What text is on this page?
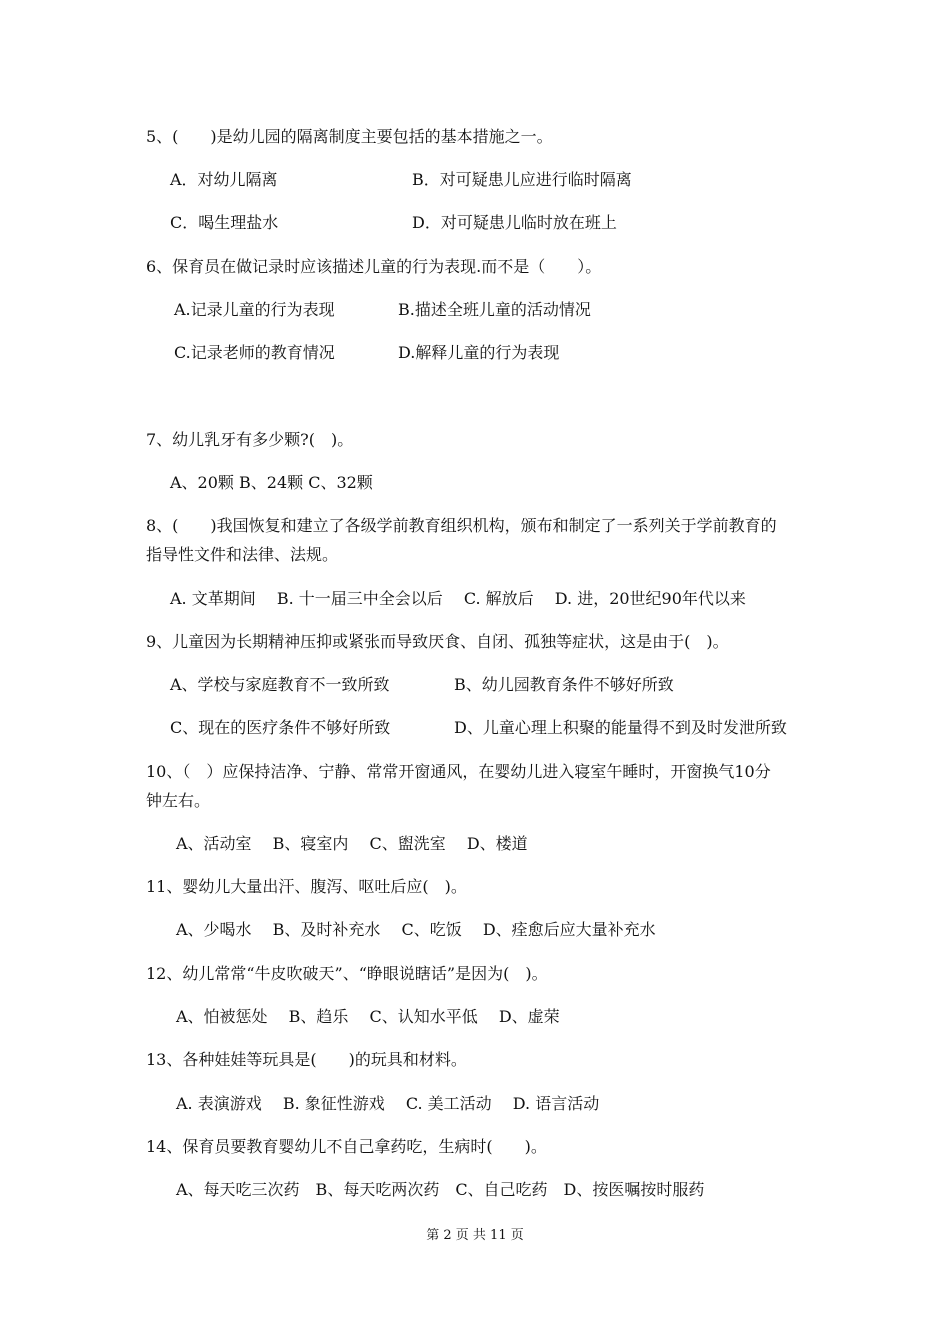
5、(　　)是幼儿园的隔离制度主要包括的基本措施之一。
A．对幼儿隔离	B．对可疑患儿应进行临时隔离
C．喝生理盐水	D．对可疑患儿临时放在班上
6、保育员在做记录时应该描述儿童的行为表现.而不是（　　）。
A.记录儿童的行为表现	B.描述全班儿童的活动情况
C.记录老师的教育情况	D.解释儿童的行为表现
7、幼儿乳牙有多少颗?(　)。
A、20颗 B、24颗 C、32颗
8、(　　)我国恢复和建立了各级学前教育组织机构，颁布和制定了一系列关于学前教育的
指导性文件和法律、法规。
A. 文革期间　 B. 十一届三中全会以后　 C. 解放后　 D. 进，20世纪90年代以来
9、儿童因为长期精神压抑或紧张而导致厌食、自闭、孤独等症状，这是由于(　)。
A、学校与家庭教育不一致所致	B、幼儿园教育条件不够好所致
C、现在的医疗条件不够好所致	D、儿童心理上积聚的能量得不到及时发泄所致
10、（　）应保持洁净、宁静、常常开窗通风，在婴幼儿进入寝室午睡时，开窗换气10分
钟左右。
A、活动室　 B、寝室内　 C、盥洗室　 D、楼道
11、婴幼儿大量出汗、腹泻、呕吐后应(　)。
A、少喝水　 B、及时补充水　 C、吃饭　 D、痊愈后应大量补充水
12、幼儿常常“牛皮吹破天”、“睁眼说瞎话”是因为(　)。
A、怕被惩处　 B、趋乐　 C、认知水平低　 D、虚荣
13、各种娃娃等玩具是(　　)的玩具和材料。
A. 表演游戏　 B. 象征性游戏　 C. 美工活动　 D. 语言活动
14、保育员要教育婴幼儿不自己拿药吃，生病时(　　)。
A、每天吃三次药　B、每天吃两次药　C、自己吃药　D、按医嘱按时服药
第 2 页 共 11 页
